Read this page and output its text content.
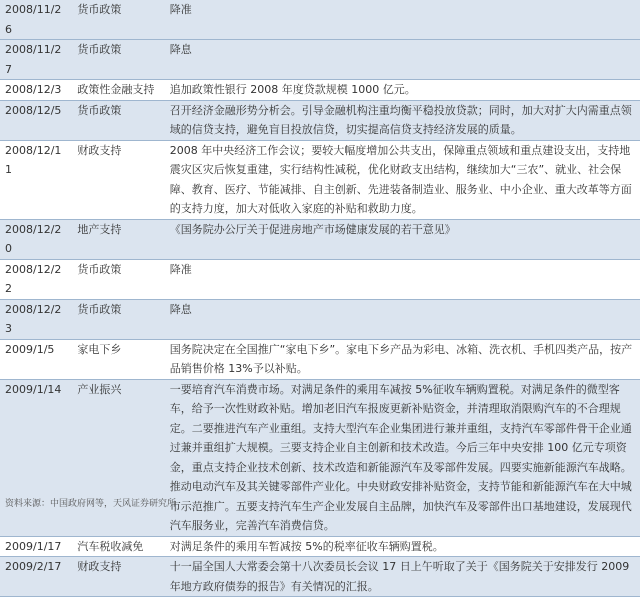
2008/11/26	货币政策	降准
2008/11/27	货币政策	降息
2008/12/3	政策性金融支持	追加政策性银行 2008 年度贷款规模 1000 亿元。
2008/12/5	货币政策	召开经济金融形势分析会。引导金融机构注重均衡平稳投放贷款；同时，加大对扩大内需重点领域的信贷支持，避免盲目投放信贷，切实提高信贷支持经济发展的质量。
2008/12/11	财政支持	2008 年中央经济工作会议；要较大幅度增加公共支出，保障重点领域和重点建设支出，支持地震灾区灾后恢复重建，实行结构性减税，优化财政支出结构，继续加大“三农”、就业、社会保障、教育、医疗、节能减排、自主创新、先进装备制造业、服务业、中小企业、重大改革等方面的支持力度，加大对低收入家庭的补贴和救助力度。
2008/12/20	地产支持	《国务院办公厅关于促进房地产市场健康发展的若干意见》
2008/12/22	货币政策	降准
2008/12/23	货币政策	降息
2009/1/5	家电下乡	国务院决定在全国推广“家电下乡”。家电下乡产品为彩电、冰箱、洗衣机、手机四类产品，按产品销售价格 13%予以补贴。
2009/1/14	产业振兴	一要培育汽车消费市场。对满足条件的乘用车减按 5%征收车辆购置税。对满足条件的微型客车，给予一次性财政补贴。增加老旧汽车报废更新补贴资金，并清理取消限购汽车的不合理规定。二要推进汽车产业重组。支持大型汽车企业集团进行兼并重组，支持汽车零部件骨干企业通过兼并重组扩大规模。三要支持企业自主创新和技术改造。今后三年中央安排 100 亿元专项资金，重点支持企业技术创新、技术改造和新能源汽车及零部件发展。四要实施新能源汽车战略。推动电动汽车及其关键零部件产业化。中央财政安排补贴资金，支持节能和新能源汽车在大中城市示范推广。五要支持汽车生产企业发展自主品牌，加快汽车及零部件出口基地建设，发展现代汽车服务业，完善汽车消费信贷。
2009/1/17	汽车税收减免	对满足条件的乘用车暂减按 5%的税率征收车辆购置税。
2009/2/17	财政支持	十一届全国人大常委会第十八次委员长会议 17 日上午听取了关于《国务院关于安排发行 2009 年地方政府债券的报告》有关情况的汇报。
资料来源：中国政府网等，天风证券研究所
